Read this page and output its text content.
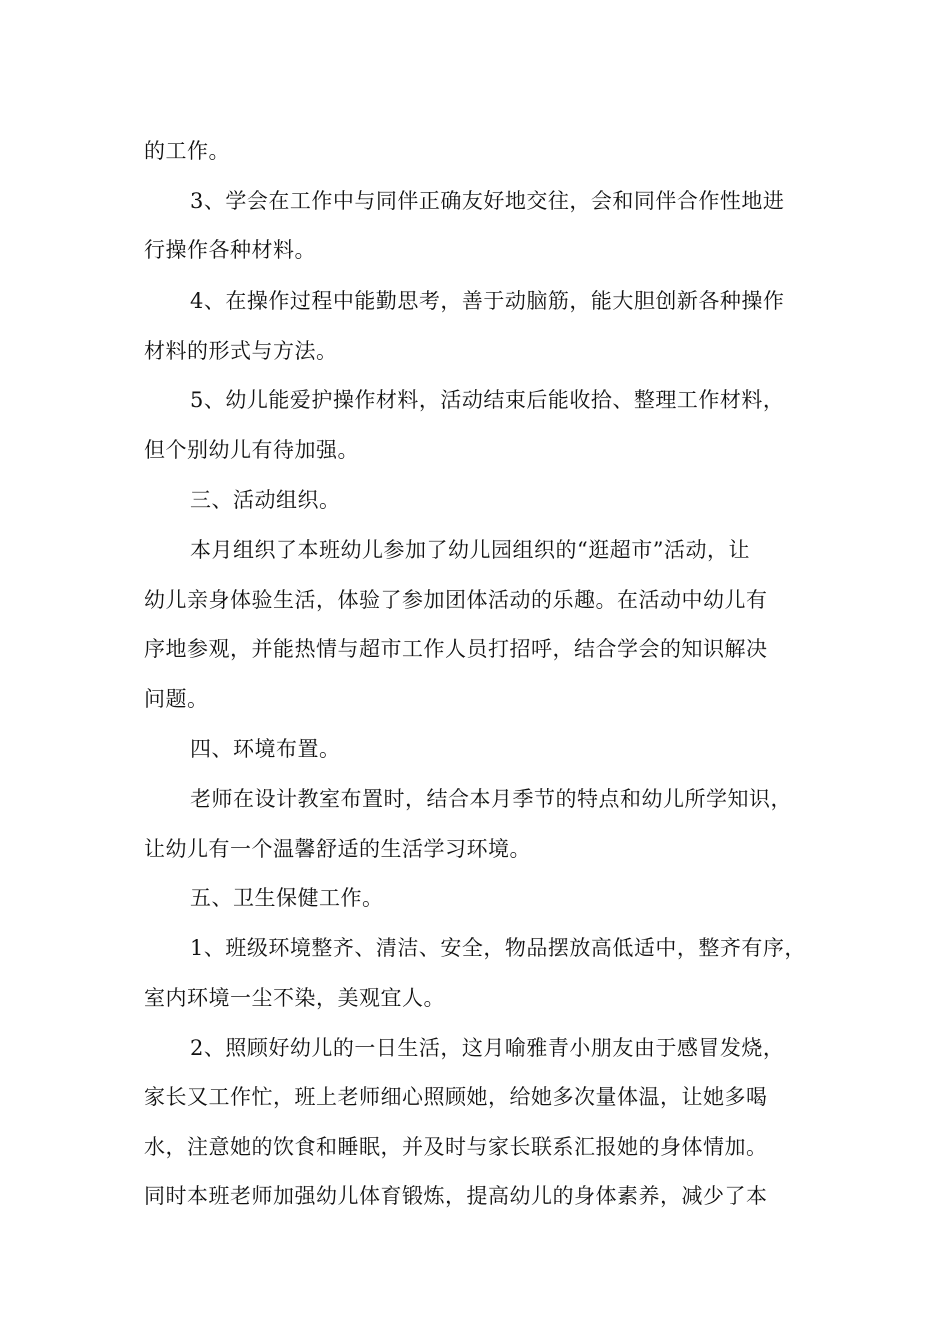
的工作。
3、学会在工作中与同伴正确友好地交往，会和同伴合作性地进
行操作各种材料。
4、在操作过程中能勤思考，善于动脑筋，能大胆创新各种操作
材料的形式与方法。
5、幼儿能爱护操作材料，活动结束后能收拾、整理工作材料，
但个别幼儿有待加强。
三、活动组织。
本月组织了本班幼儿参加了幼儿园组织的“逛超市”活动，让
幼儿亲身体验生活，体验了参加团体活动的乐趣。在活动中幼儿有
序地参观，并能热情与超市工作人员打招呼，结合学会的知识解决
问题。
四、环境布置。
老师在设计教室布置时，结合本月季节的特点和幼儿所学知识，
让幼儿有一个温馨舒适的生活学习环境。
五、卫生保健工作。
1、班级环境整齐、清洁、安全，物品摆放高低适中，整齐有序，
室内环境一尘不染，美观宜人。
2、照顾好幼儿的一日生活，这月喻雅青小朋友由于感冒发烧，
家长又工作忙，班上老师细心照顾她，给她多次量体温，让她多喝
水，注意她的饮食和睡眠，并及时与家长联系汇报她的身体情加。
同时本班老师加强幼儿体育锻炼，提高幼儿的身体素养，减少了本
